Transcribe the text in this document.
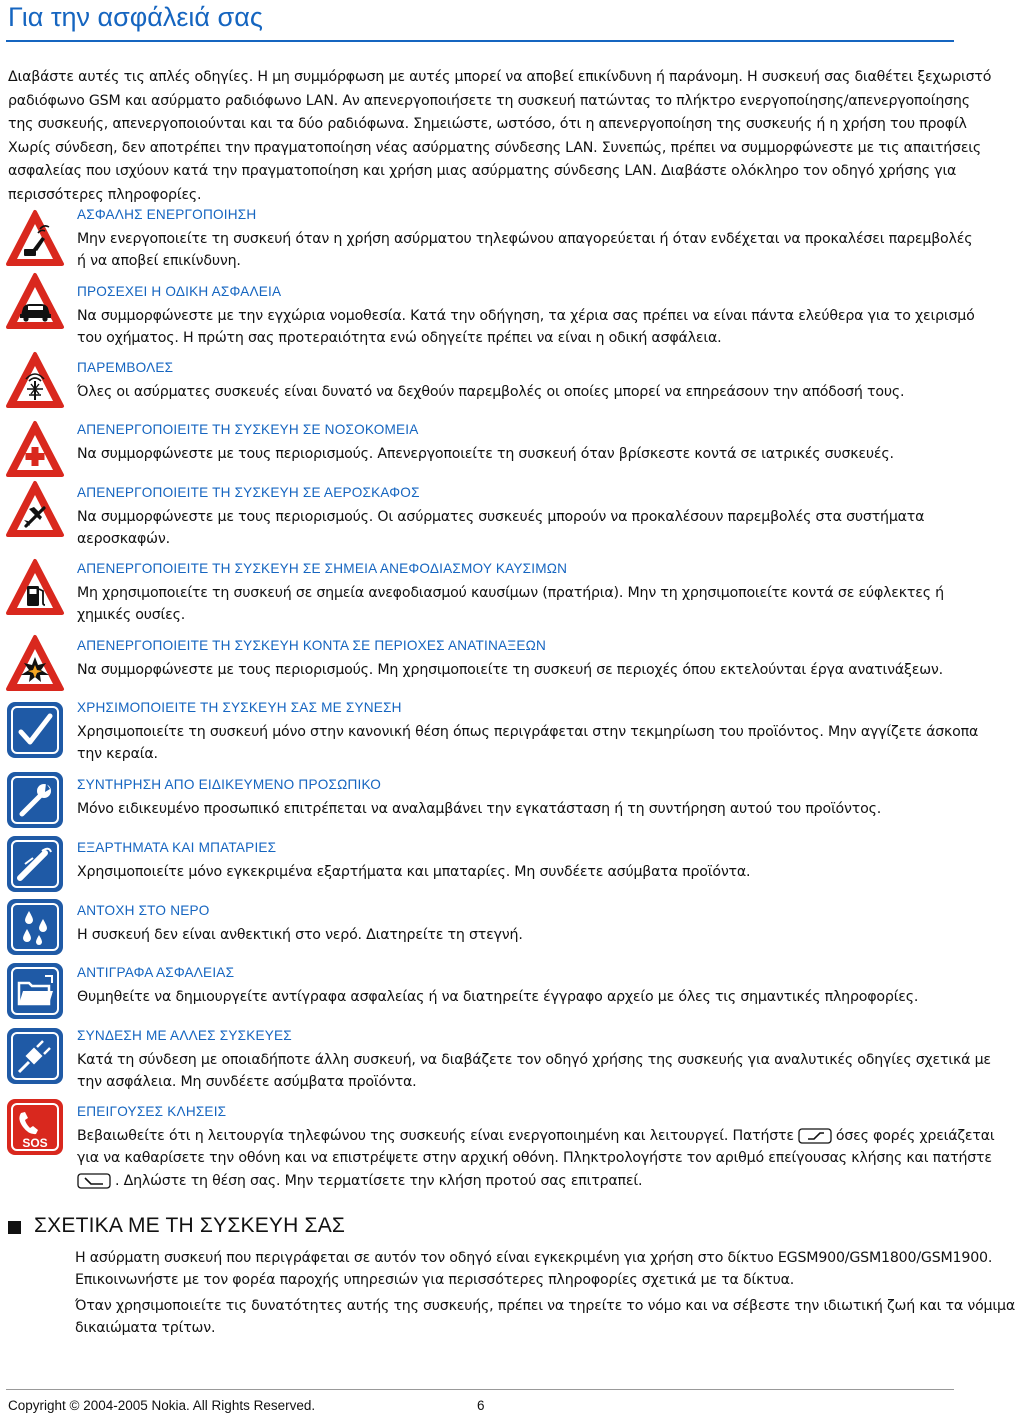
Για την ασφάλειά σας
Διαβάστε αυτές τις απλές οδηγίες. Η μη συμμόρφωση με αυτές μπορεί να αποβεί επικίνδυνη ή παράνομη. Η συσκευή σας διαθέτει ξεχωριστό
ραδιόφωνο GSM και ασύρματο ραδιόφωνο LAN. Αν απενεργοποιήσετε τη συσκευή πατώντας το πλήκτρο ενεργοποίησης/απενεργοποίησης
της συσκευής, απενεργοποιούνται και τα δύο ραδιόφωνα. Σημειώστε, ωστόσο, ότι η απενεργοποίηση της συσκευής ή η χρήση του προφίλ
Χωρίς σύνδεση, δεν αποτρέπει την πραγματοποίηση νέας ασύρματης σύνδεσης LAN. Συνεπώς, πρέπει να συμμορφώνεστε με τις απαιτήσεις
ασφαλείας που ισχύουν κατά την πραγματοποίηση και χρήση μιας ασύρματης σύνδεσης LAN. Διαβάστε ολόκληρο τον οδηγό χρήσης για
περισσότερες πληροφορίες.
SOS
ΑΣΦΑΛΗΣ ΕΝΕΡΓΟΠΟΙΗΣΗ
Μην ενεργοποιείτε τη συσκευή όταν η χρήση ασύρματου τηλεφώνου απαγορεύεται ή όταν ενδέχεται να προκαλέσει παρεμβολές
ή να αποβεί επικίνδυνη.
ΠΡΟΣΕΧΕΙ Η ΟΔΙΚΗ ΑΣΦΑΛΕΙΑ
Να συμμορφώνεστε με την εγχώρια νομοθεσία. Κατά την οδήγηση, τα χέρια σας πρέπει να είναι πάντα ελεύθερα για το χειρισμό
του οχήματος. Η πρώτη σας προτεραιότητα ενώ οδηγείτε πρέπει να είναι η οδική ασφάλεια.
ΠΑΡΕΜΒΟΛΕΣ
Όλες οι ασύρματες συσκευές είναι δυνατό να δεχθούν παρεμβολές οι οποίες μπορεί να επηρεάσουν την απόδοσή τους.
ΑΠΕΝΕΡΓΟΠΟΙΕΙΤΕ ΤΗ ΣΥΣΚΕΥΗ ΣΕ ΝΟΣΟΚΟΜΕΙΑ
Να συμμορφώνεστε με τους περιορισμούς. Απενεργοποιείτε τη συσκευή όταν βρίσκεστε κοντά σε ιατρικές συσκευές.
ΑΠΕΝΕΡΓΟΠΟΙΕΙΤΕ ΤΗ ΣΥΣΚΕΥΗ ΣΕ ΑΕΡΟΣΚΑΦΟΣ
Να συμμορφώνεστε με τους περιορισμούς. Οι ασύρματες συσκευές μπορούν να προκαλέσουν παρεμβολές στα συστήματα
αεροσκαφών.
ΑΠΕΝΕΡΓΟΠΟΙΕΙΤΕ ΤΗ ΣΥΣΚΕΥΗ ΣΕ ΣΗΜΕΙΑ ΑΝΕΦΟΔΙΑΣΜΟΥ ΚΑΥΣΙΜΩΝ
Μη χρησιμοποιείτε τη συσκευή σε σημεία ανεφοδιασμού καυσίμων (πρατήρια). Μην τη χρησιμοποιείτε κοντά σε εύφλεκτες ή
χημικές ουσίες.
ΑΠΕΝΕΡΓΟΠΟΙΕΙΤΕ ΤΗ ΣΥΣΚΕΥΗ ΚΟΝΤΑ ΣΕ ΠΕΡΙΟΧΕΣ ΑΝΑΤΙΝΑΞΕΩΝ
Να συμμορφώνεστε με τους περιορισμούς. Μη χρησιμοποιείτε τη συσκευή σε περιοχές όπου εκτελούνται έργα ανατινάξεων.
ΧΡΗΣΙΜΟΠΟΙΕΙΤΕ ΤΗ ΣΥΣΚΕΥΗ ΣΑΣ ΜΕ ΣΥΝΕΣΗ
Χρησιμοποιείτε τη συσκευή μόνο στην κανονική θέση όπως περιγράφεται στην τεκμηρίωση του προϊόντος. Μην αγγίζετε άσκοπα
την κεραία.
ΣΥΝΤΗΡΗΣΗ ΑΠΟ ΕΙΔΙΚΕΥΜΕΝΟ ΠΡΟΣΩΠΙΚΟ
Μόνο ειδικευμένο προσωπικό επιτρέπεται να αναλαμβάνει την εγκατάσταση ή τη συντήρηση αυτού του προϊόντος.
ΕΞΑΡΤΗΜΑΤΑ ΚΑΙ ΜΠΑΤΑΡΙΕΣ
Χρησιμοποιείτε μόνο εγκεκριμένα εξαρτήματα και μπαταρίες. Μη συνδέετε ασύμβατα προϊόντα.
ΑΝΤΟΧΗ ΣΤΟ ΝΕΡΟ
Η συσκευή δεν είναι ανθεκτική στο νερό. Διατηρείτε τη στεγνή.
ΑΝΤΙΓΡΑΦΑ ΑΣΦΑΛΕΙΑΣ
Θυμηθείτε να δημιουργείτε αντίγραφα ασφαλείας ή να διατηρείτε έγγραφο αρχείο με όλες τις σημαντικές πληροφορίες.
ΣΥΝΔΕΣΗ ΜΕ ΑΛΛΕΣ ΣΥΣΚΕΥΕΣ
Κατά τη σύνδεση με οποιαδήποτε άλλη συσκευή, να διαβάζετε τον οδηγό χρήσης της συσκευής για αναλυτικές οδηγίες σχετικά με
την ασφάλεια. Μη συνδέετε ασύμβατα προϊόντα.
ΕΠΕΙΓΟΥΣΕΣ ΚΛΗΣΕΙΣ
Βεβαιωθείτε ότι η λειτουργία τηλεφώνου της συσκευής είναι ενεργοποιημένη και λειτουργεί. Πατήστε	όσες φορές χρειάζεται
για να καθαρίσετε την οθόνη και να επιστρέψετε στην αρχική οθόνη. Πληκτρολογήστε τον αριθμό επείγουσας κλήσης και πατήστε
. Δηλώστε τη θέση σας. Μην τερματίσετε την κλήση προτού σας επιτραπεί.
ΣΧΕΤΙΚΑ ΜΕ ΤΗ ΣΥΣΚΕΥΗ ΣΑΣ
Η ασύρματη συσκευή που περιγράφεται σε αυτόν τον οδηγό είναι εγκεκριμένη για χρήση στο δίκτυο EGSM900/GSM1800/GSM1900.
Επικοινωνήστε με τον φορέα παροχής υπηρεσιών για περισσότερες πληροφορίες σχετικά με τα δίκτυα.
Όταν χρησιμοποιείτε τις δυνατότητες αυτής της συσκευής, πρέπει να τηρείτε το νόμο και να σέβεστε την ιδιωτική ζωή και τα νόμιμα
δικαιώματα τρίτων.
Copyright © 2004-2005 Nokia. All Rights Reserved.	6
